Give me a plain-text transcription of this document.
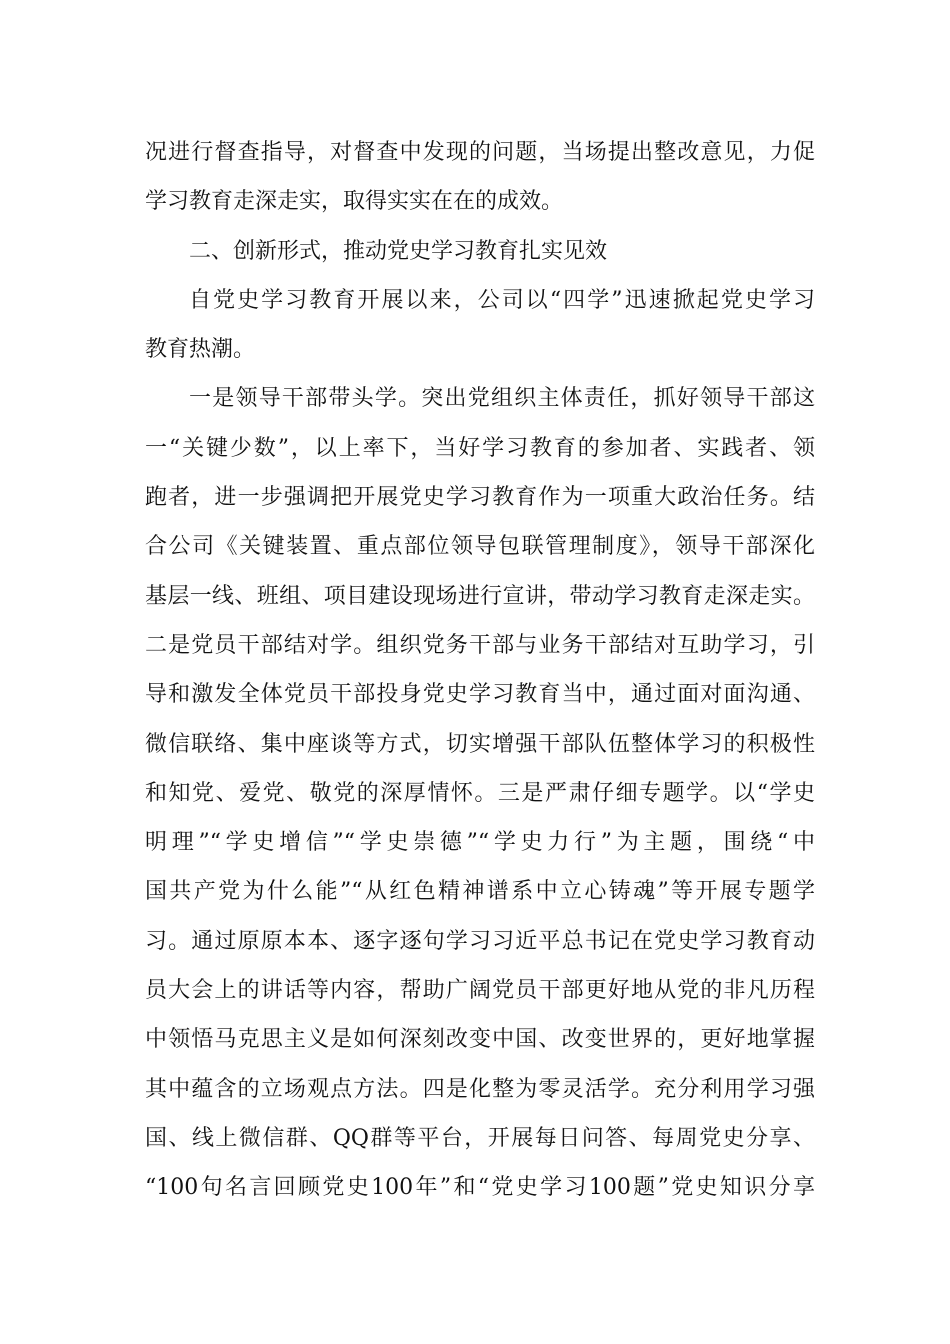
况进行督查指导，对督查中发现的问题，当场提出整改意见，力促
学习教育走深走实，取得实实在在的成效。
二、创新形式，推动党史学习教育扎实见效
自党史学习教育开展以来，公司以“四学”迅速掀起党史学习
教育热潮。
一是领导干部带头学。突出党组织主体责任，抓好领导干部这
一“关键少数”，以上率下，当好学习教育的参加者、实践者、领
跑者，进一步强调把开展党史学习教育作为一项重大政治任务。结
合公司《关键装置、重点部位领导包联管理制度》，领导干部深化
基层一线、班组、项目建设现场进行宣讲，带动学习教育走深走实。
二是党员干部结对学。组织党务干部与业务干部结对互助学习，引
导和激发全体党员干部投身党史学习教育当中，通过面对面沟通、
微信联络、集中座谈等方式，切实增强干部队伍整体学习的积极性
和知党、爱党、敬党的深厚情怀。三是严肃仔细专题学。以“学史
明理”“学史增信”“学史崇德”“学史力行”为主题，围绕“中
国共产党为什么能”“从红色精神谱系中立心铸魂”等开展专题学
习。通过原原本本、逐字逐句学习习近平总书记在党史学习教育动
员大会上的讲话等内容，帮助广阔党员干部更好地从党的非凡历程
中领悟马克思主义是如何深刻改变中国、改变世界的，更好地掌握
其中蕴含的立场观点方法。四是化整为零灵活学。充分利用学习强
国、线上微信群、QQ群等平台，开展每日问答、每周党史分享、
“100句名言回顾党史100年”和“党史学习100题”党史知识分享
